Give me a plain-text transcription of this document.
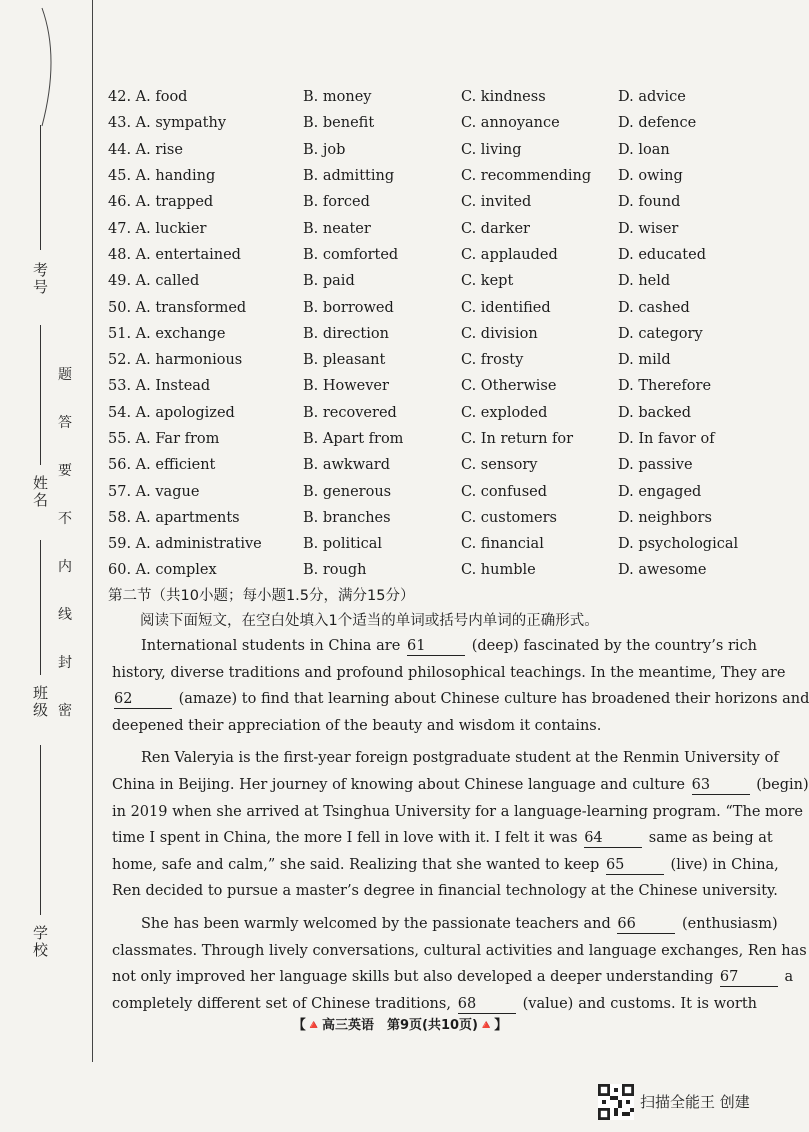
考号
姓名
班级
学校
密
封
线
内
不
要
答
题
42. A. food	B. money	C. kindness	D. advice
43. A. sympathy	B. benefit	C. annoyance	D. defence
44. A. rise	B. job	C. living	D. loan
45. A. handing	B. admitting	C. recommending	D. owing
46. A. trapped	B. forced	C. invited	D. found
47. A. luckier	B. neater	C. darker	D. wiser
48. A. entertained	B. comforted	C. applauded	D. educated
49. A. called	B. paid	C. kept	D. held
50. A. transformed	B. borrowed	C. identified	D. cashed
51. A. exchange	B. direction	C. division	D. category
52. A. harmonious	B. pleasant	C. frosty	D. mild
53. A. Instead	B. However	C. Otherwise	D. Therefore
54. A. apologized	B. recovered	C. exploded	D. backed
55. A. Far from	B. Apart from	C. In return for	D. In favor of
56. A. efficient	B. awkward	C. sensory	D. passive
57. A. vague	B. generous	C. confused	D. engaged
58. A. apartments	B. branches	C. customers	D. neighbors
59. A. administrative	B. political	C. financial	D. psychological
60. A. complex	B. rough	C. humble	D. awesome
第二节（共10小题；每小题1.5分，满分15分）
阅读下面短文，在空白处填入1个适当的单词或括号内单词的正确形式。
International students in China are 61	(deep) fascinated by the country’s rich
history, diverse traditions and profound philosophical teachings. In the meantime, They are
62	(amaze) to find that learning about Chinese culture has broadened their horizons and
deepened their appreciation of the beauty and wisdom it contains.
Ren Valeryia is the first-year foreign postgraduate student at the Renmin University of
China in Beijing. Her journey of knowing about Chinese language and culture 63	(begin)
in 2019 when she arrived at Tsinghua University for a language-learning program. “The more
time I spent in China, the more I fell in love with it. I felt it was 64	same as being at
home, safe and calm,” she said. Realizing that she wanted to keep 65	(live) in China,
Ren decided to pursue a master’s degree in financial technology at the Chinese university.
She has been warmly welcomed by the passionate teachers and 66	(enthusiasm)
classmates. Through lively conversations, cultural activities and language exchanges, Ren has
not only improved her language skills but also developed a deeper understanding 67	a
completely different set of Chinese traditions, 68	(value) and customs. It is worth
【🔺高三英语　第9页(共10页)🔺】
扫描全能王 创建
